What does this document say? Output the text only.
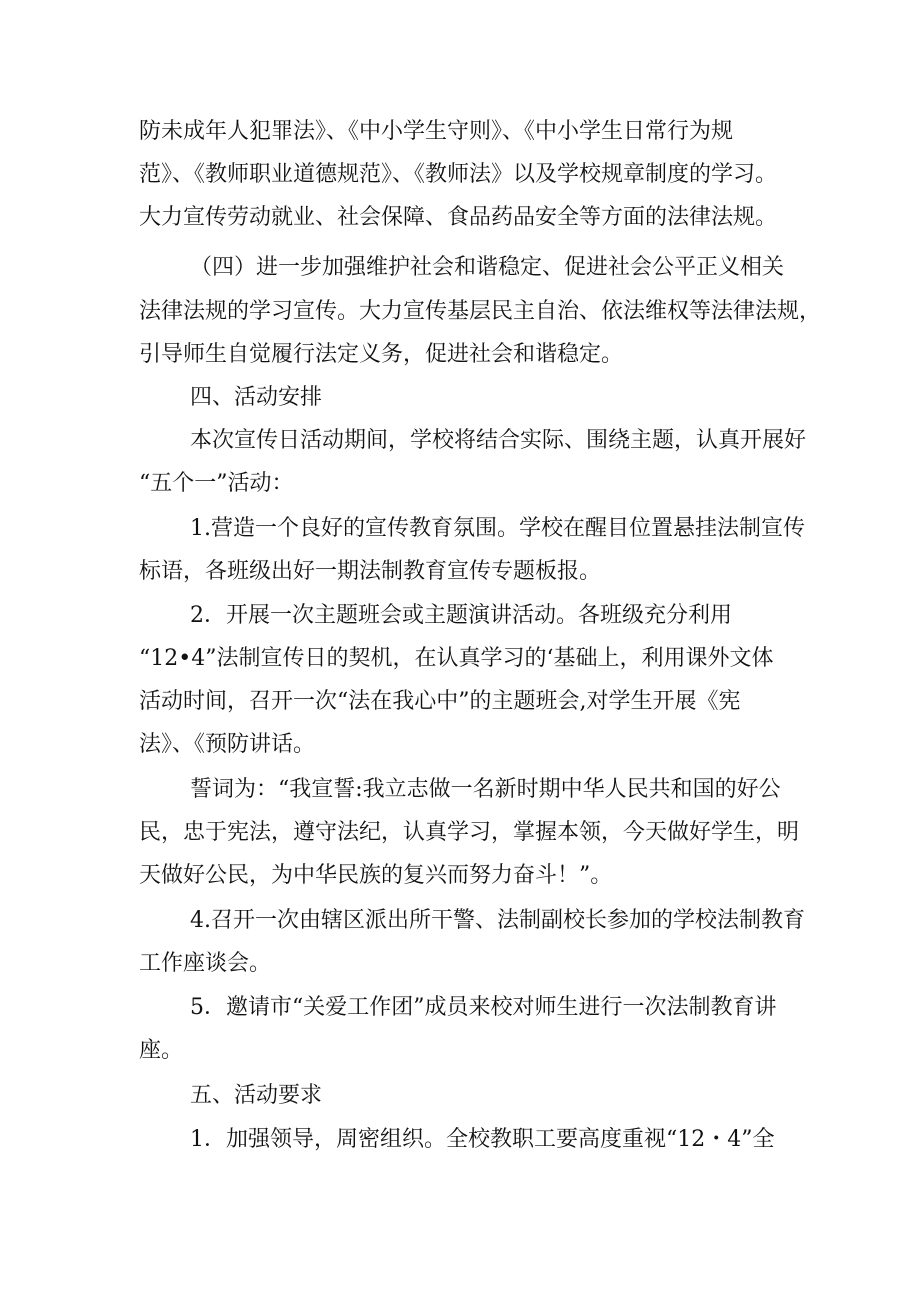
防未成年人犯罪法》、《中小学生守则》、《中小学生日常行为规
范》、《教师职业道德规范》、《教师法》以及学校规章制度的学习。
大力宣传劳动就业、社会保障、食品药品安全等方面的法律法规。
（四）进一步加强维护社会和谐稳定、促进社会公平正义相关
法律法规的学习宣传。大力宣传基层民主自治、依法维权等法律法规，
引导师生自觉履行法定义务，促进社会和谐稳定。
四、活动安排
本次宣传日活动期间，学校将结合实际、围绕主题，认真开展好
“五个一”活动：
1.营造一个良好的宣传教育氛围。学校在醒目位置悬挂法制宣传
标语，各班级出好一期法制教育宣传专题板报。
2．开展一次主题班会或主题演讲活动。各班级充分利用
“12•4”法制宣传日的契机，在认真学习的‘基础上，利用课外文体
活动时间，召开一次“法在我心中”的主题班会,对学生开展《宪
法》、《预防讲话。
誓词为：“我宣誓:我立志做一名新时期中华人民共和国的好公
民，忠于宪法，遵守法纪，认真学习，掌握本领，今天做好学生，明
天做好公民，为中华民族的复兴而努力奋斗！”。
4.召开一次由辖区派出所干警、法制副校长参加的学校法制教育
工作座谈会。
5．邀请市“关爱工作团”成员来校对师生进行一次法制教育讲
座。
五、活动要求
1．加强领导，周密组织。全校教职工要高度重视“12・4”全
